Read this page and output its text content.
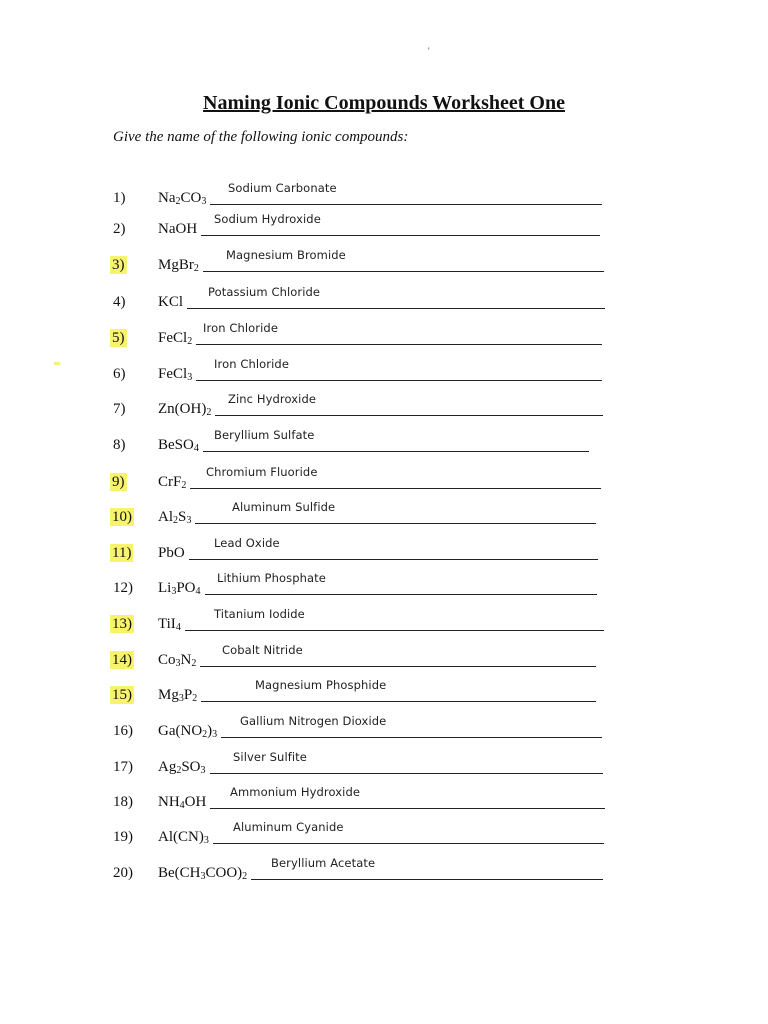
'
Naming Ionic Compounds Worksheet One
Give the name of the following ionic compounds:
1) $Na_2CO_3$
Sodium Carbonate
2) NaOH
Sodium Hydroxide
3) MgBr$_2$
Magnesium Bromide
4) KCl
Potassium Chloride
5) FeCl$_2$
Iron Chloride
6) FeCl$_3$
Iron Chloride
7) $Zn(OH)_2$
Zinc Hydroxide
8) BeSO$_4$
Beryllium Sulfate
9) CrF$_2$
Chromium Fluoride
10) $Al_2S_3$
Aluminum Sulfide
11) PbO
Lead Oxide
12) $Li_3PO_4$
Lithium Phosphate
13) TiI$_4$
Titanium Iodide
14) $Co_3N_2$
Cobalt Nitride
15) $Mg_3P_2$
Magnesium Phosphide
16) $Ga(NO_2)_3$
Gallium Nitrogen Dioxide
17) $Ag_2SO_3$
Silver Sulfite
18) $NH_4OH$
Ammonium Hydroxide
19) $Al(CN)_3$
Aluminum Cyanide
20) $Be(CH_3COO)_2$
Beryllium Acetate
